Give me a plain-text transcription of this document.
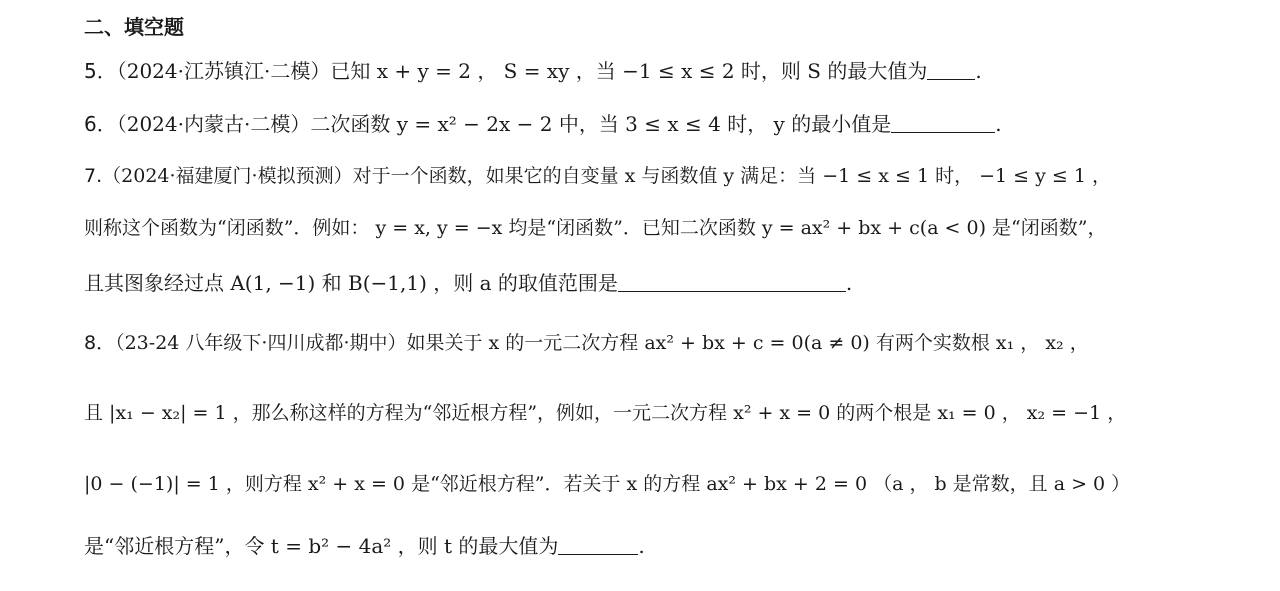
二、填空题
5．（2024·江苏镇江·二模）已知 x + y = 2 ， S = xy ，当 −1 ≤ x ≤ 2 时，则 S 的最大值为 .
6．（2024·内蒙古·二模）二次函数 y = x² − 2x − 2 中，当 3 ≤ x ≤ 4 时， y 的最小值是	.
7.（2024·福建厦门·模拟预测）对于一个函数，如果它的自变量 x 与函数值 y 满足：当 −1 ≤ x ≤ 1 时， −1 ≤ y ≤ 1 ，
则称这个函数为“闭函数”．例如： y = x, y = −x 均是“闭函数”．已知二次函数 y = ax² + bx + c(a < 0) 是“闭函数”，
且其图象经过点 A(1, −1) 和 B(−1,1) ，则 a 的取值范围是	.
8．（23-24 八年级下·四川成都·期中）如果关于 x 的一元二次方程 ax² + bx + c = 0(a ≠ 0) 有两个实数根 x₁ ， x₂ ，
且 |x₁ − x₂| = 1 ，那么称这样的方程为“邻近根方程”，例如，一元二次方程 x² + x = 0 的两个根是 x₁ = 0 ， x₂ = −1 ，
|0 − (−1)| = 1 ，则方程 x² + x = 0 是“邻近根方程”．若关于 x 的方程 ax² + bx + 2 = 0 （a ， b 是常数，且 a > 0 ）
是“邻近根方程”，令 t = b² − 4a² ，则 t 的最大值为	.
